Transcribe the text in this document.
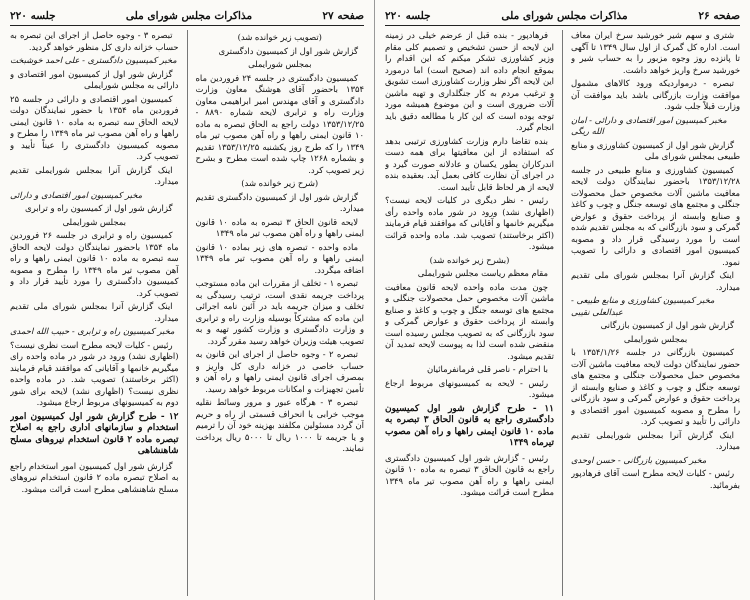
صفحه ۲۷
مذاکرات مجلس شورای ملی
جلسه ۲۲۰

(تصویب زیر خوانده شد)

گزارش شور اول از کمیسیون دادگستری

بمجلس شورایملی

کمیسیون دادگستری در جلسه ۲۴ فروردین ماه ۱۳۵۴ باحضور آقای هوشنگ معاون وزارت دادگستری و آقای مهندس امیر ابراهیمی معاون وزارت راه و ترابری لایحه شماره ۸۸۹۰ - ۱۳۵۳/۱۲/۲۵ دولت راجع به الحاق تبصره به ماده ۱۰ قانون ایمنی راهها و راه آهن مصوب تیر ماه ۱۳۴۹ را که طرح روز یکشنبه ۱۳۵۳/۱۲/۲۵ تقدیم و بشماره ۱۲۶۸ چاپ شده است مطرح و بشرح زیر تصویب کرد.

(شرح زیر خوانده شد)

گزارش شور اول از کمیسیون دادگستری تقدیم میدارد.

لایحه قانون الحاق ۳ تبصره به ماده ۱۰ قانون ایمنی راهها و راه آهن مصوب تیر ماه ۱۳۴۹

ماده واحده - تبصره های زیر بماده ۱۰ قانون ایمنی راهها و راه آهن مصوب تیر ماه ۱۳۴۹ اضافه میگردد.

تبصره ۱ - تخلف از مقررات این ماده مستوجب پرداخت جریمه نقدی است، ترتیب رسیدگی به تخلف و میزان جریمه باید در آئین نامه اجرائی این ماده که مشترکاً بوسیله وزارت راه و ترابری و وزارت دادگستری و وزارت کشور تهیه و به تصویب هیئت وزیران خواهد رسید مقرر گردد.

تبصره ۲ - وجوه حاصل از اجرای این قانون به حساب خاصی در خزانه داری کل واریز و بمصرف اجرای قانون ایمنی راهها و راه آهن و تأمین تجهیزات و امکانات مربوط خواهد رسید.

تبصره ۳ - هرگاه عبور و مرور وسائط نقلیه موجب خرابی یا انحراف قسمتی از راه و حریم آن گردد مسئولین مکلفند بهزینه خود آن را ترمیم و یا جریمه تا ۱۰۰۰ ریال تا ۵۰۰۰ ریال پرداخت نمایند.

تبصره ۳ - وجوه حاصل از اجرای این تبصره به حساب خزانه داری کل منظور خواهد گردید.

مخبر کمیسیون دادگستری - علی احمد خوشبخت

گزارش شور اول از کمیسیون امور اقتصادی و دارائی به مجلس شورایملی

کمیسیون امور اقتصادی و دارائی در جلسه ۲۵ فروردین ماه ۱۳۵۴ با حضور نمایندگان دولت لایحه الحاق سه تبصره به ماده ۱۰ قانون ایمنی راهها و راه آهن مصوب تیر ماه ۱۳۴۹ را مطرح و مصوبه کمیسیون دادگستری را عیناً تأیید و تصویب کرد.

اینک گزارش آنرا بمجلس شورایملی تقدیم میدارد.

مخبر کمیسیون امور اقتصادی و دارائی

گزارش شور اول از کمیسیون راه و ترابری

بمجلس شورایملی

کمیسیون راه و ترابری در جلسه ۲۶ فروردین ماه ۱۳۵۴ باحضور نمایندگان دولت لایحه الحاق سه تبصره به ماده ۱۰ قانون ایمنی راهها و راه آهن مصوب تیر ماه ۱۳۴۹ را مطرح و مصوبه کمیسیون دادگستری را مورد تأیید قرار داد و تصویب کرد.

اینک گزارش آنرا بمجلس شورای ملی تقدیم میدارد.

مخبر کمیسیون راه و ترابری - حبیب الله احمدی

رئیس - کلیات لایحه مطرح است نظری نیست؟ (اظهاری نشد) ورود در شور در ماده واحده رای میگیریم خانمها و آقایانی که موافقند قیام فرمایند (اکثر برخاستند) تصویب شد. در ماده واحده نظری نیست؟ (اظهاری نشد) لایحه برای شور دوم به کمیسیونهای مربوط ارجاع میشود.

۱۲ - طرح گزارش شور اول کمیسیون امور استخدام و سازمانهای اداری راجع به اصلاح تبصره ماده ۲ قانون استخدام نیروهای مسلح شاهنشاهی

گزارش شور اول کمیسیون امور استخدام راجع به اصلاح تبصره ماده ۲ قانون استخدام نیروهای مسلح شاهنشاهی مطرح است قرائت میشود.

صفحه ۲۶
مذاکرات مجلس شورای ملی
جلسه ۲۲۰

شتری و سهم شیر خورشید سرخ ایران معاف است. اداره کل گمرک از اول سال ۱۳۴۹ تا آگهی تا پانزده روز وجوه مزبور را به حساب شیر و خورشید سرخ واریز خواهد داشت.

تبصره - درمواردیکه ورود کالاهای مشمول موافقت وزارت بازرگانی باشد باید موافقت آن وزارت قبلاً جلب شود.

مخبر کمیسیون امور اقتصادی و دارائی - امان الله ریگی

گزارش شور اول از کمیسیون کشاورزی و منابع طبیعی بمجلس شورای ملی

کمیسیون کشاورزی و منابع طبیعی در جلسه ۱۳۵۳/۱۲/۲۸ باحضور نمایندگان دولت لایحه معافیت ماشین آلات مخصوص حمل محصولات جنگلی و مجتمع های توسعه جنگل و چوب و کاغذ و صنایع وابسته از پرداخت حقوق و عوارض گمرکی و سود بازرگانی که به مجلس تقدیم شده است را مورد رسیدگی قرار داد و مصوبه کمیسیون امور اقتصادی و دارائی را تصویب نمود.

اینک گزارش آنرا بمجلس شورای ملی تقدیم میدارد.

مخبر کمیسیون کشاورزی و منابع طبیعی - عبدالعلی نقیبی

گزارش شور اول از کمیسیون بازرگانی

بمجلس شورایملی

کمیسیون بازرگانی در جلسه ۱۳۵۴/۱/۲۶ با حضور نمایندگان دولت لایحه معافیت ماشین آلات مخصوص حمل محصولات جنگلی و مجتمع های توسعه جنگل و چوب و کاغذ و صنایع وابسته از پرداخت حقوق و عوارض گمرکی و سود بازرگانی را مطرح و مصوبه کمیسیون امور اقتصادی و دارائی را تأیید و تصویب کرد.

اینک گزارش آنرا بمجلس شورایملی تقدیم میدارد.

مخبر کمیسیون بازرگانی - حسن اوحدی

رئیس - کلیات لایحه مطرح است آقای فرهادپور بفرمائید.

فرهادپور - بنده قبل از عرضم خیلی در زمینه این لایحه از حسن تشخیص و تصمیم کلی مقام وزیر کشاورزی تشکر میکنم که این اقدام را بموقع انجام داده اند (صحیح است) اما درمورد این لایحه اگر نظر وزارت کشاورزی است تشویق و ترغیب مردم به کار جنگلداری و تهیه ماشین آلات ضروری است و این موضوع همیشه مورد توجه بوده است که این کار با مطالعه دقیق باید انجام گیرد.

بنده تقاضا دارم وزارت کشاورزی ترتیبی بدهد که استفاده از این معافیتها برای همه دست اندرکاران بطور یکسان و عادلانه صورت گیرد و در اجرای آن نظارت کافی بعمل آید. بعقیده بنده لایحه از هر لحاظ قابل تأیید است.

رئیس - نظر دیگری در کلیات لایحه نیست؟ (اظهاری نشد) ورود در شور ماده واحده رأی میگیریم خانمها و آقایانی که موافقند قیام فرمایند (اکثر برخاستند) تصویب شد. ماده واحده قرائت میشود.

(بشرح زیر خوانده شد)

مقام معظم ریاست مجلس شورایملی

چون مدت ماده واحده لایحه قانون معافیت ماشین آلات مخصوص حمل محصولات جنگلی و مجتمع های توسعه جنگل و چوب و کاغذ و صنایع وابسته از پرداخت حقوق و عوارض گمرکی و سود بازرگانی که به تصویب مجلس رسیده است منقضی شده است لذا به پیوست لایحه تمدید آن تقدیم میشود.

با احترام - ناصر قلی فرمانفرمائیان

رئیس - لایحه به کمیسیونهای مربوط ارجاع میشود.

۱۱ - طرح گزارش شور اول کمیسیون دادگستری راجع به قانون الحاق ۳ تبصره به ماده ۱۰ قانون ایمنی راهها و راه آهن مصوب تیرماه ۱۳۴۹

رئیس - گزارش شور اول کمیسیون دادگستری راجع به قانون الحاق ۳ تبصره به ماده ۱۰ قانون ایمنی راهها و راه آهن مصوب تیر ماه ۱۳۴۹ مطرح است قرائت میشود.
